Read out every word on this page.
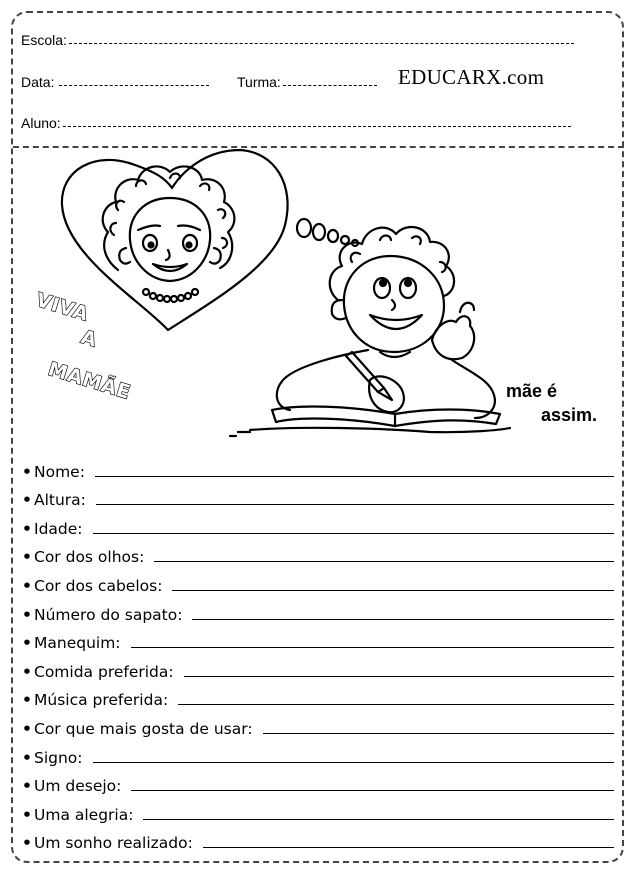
Escola:
Data:	Turma:	EDUCARX.com
Aluno:
VIVA
A
MAMÃE	mãe é
assim.
• Nome:
• Altura:
• Idade:
• Cor dos olhos:
• Cor dos cabelos:
• Número do sapato:
• Manequim:
• Comida preferida:
• Música preferida:
• Cor que mais gosta de usar:
• Signo:
• Um desejo:
• Uma alegria:
• Um sonho realizado:
